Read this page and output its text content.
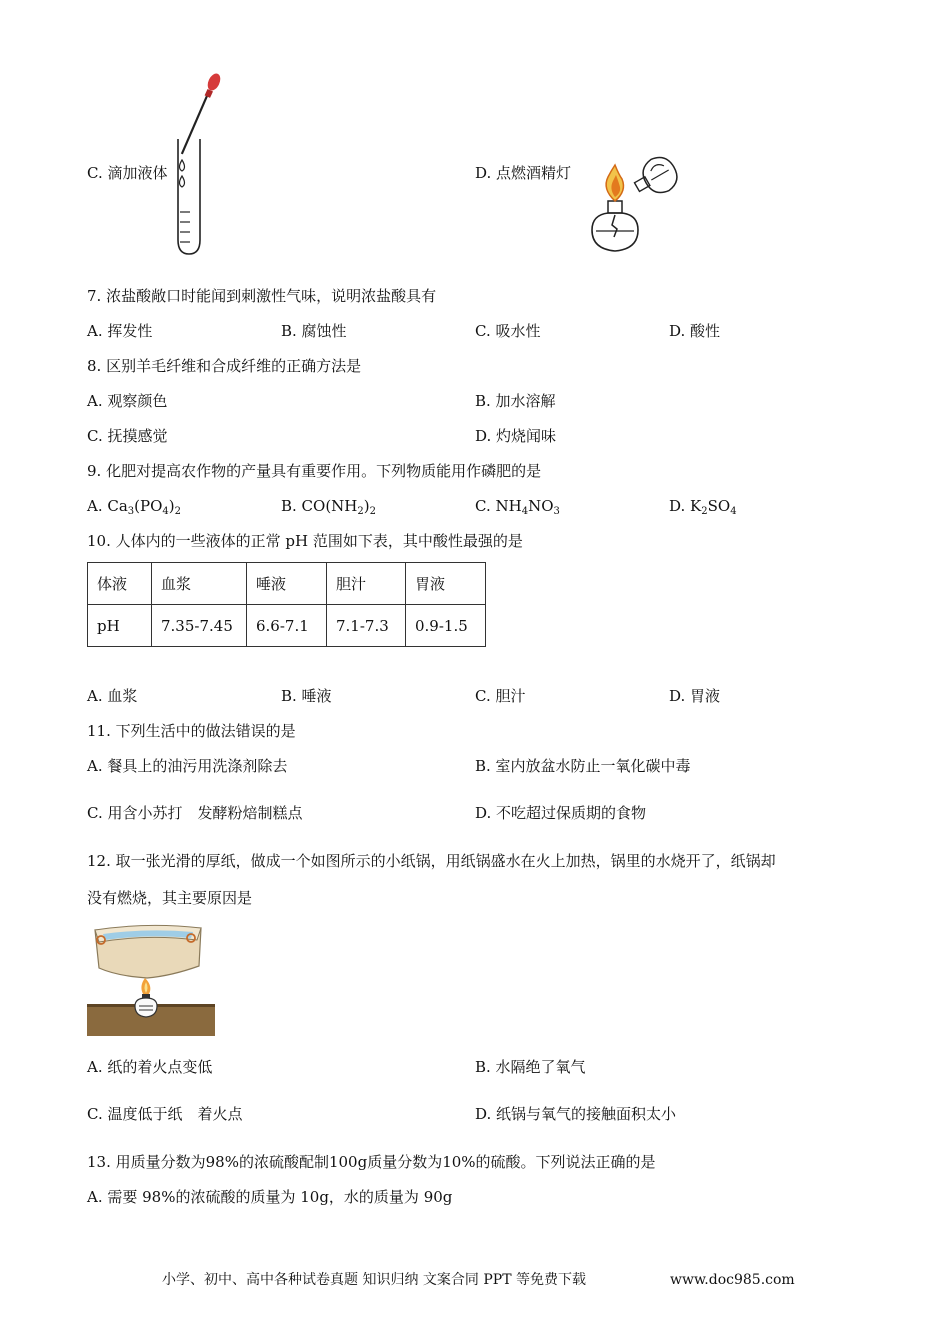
C. 滴加液体	D. 点燃酒精灯
7. 浓盐酸敞口时能闻到刺激性气味，说明浓盐酸具有
A. 挥发性	B. 腐蚀性	C. 吸水性	D. 酸性
8. 区别羊毛纤维和合成纤维的正确方法是
A. 观察颜色	B. 加水溶解
C. 抚摸感觉	D. 灼烧闻味
9. 化肥对提高农作物的产量具有重要作用。下列物质能用作磷肥的是
A. $Ca_3(PO_4)_2$	B. $CO(NH_2)_2$	C. $NH_4NO_3$	D. $K_2SO_4$
10. 人体内的一些液体的正常 pH 范围如下表，其中酸性最强的是
体液	血浆	唾液	胆汁	胃液
pH	7.35-7.45	6.6-7.1	7.1-7.3	0.9-1.5
A. 血浆	B. 唾液	C. 胆汁	D. 胃液
11. 下列生活中的做法错误的是
A. 餐具上的油污用洗涤剂除去	B. 室内放盆水防止一氧化碳中毒
C. 用含小苏打　发酵粉焙制糕点	D. 不吃超过保质期的食物
12. 取一张光滑的厚纸，做成一个如图所示的小纸锅，用纸锅盛水在火上加热，锅里的水烧开了，纸锅却
没有燃烧，其主要原因是
A. 纸的着火点变低	B. 水隔绝了氧气
C. 温度低于纸　着火点	D. 纸锅与氧气的接触面积太小
13. 用质量分数为98%的浓硫酸配制100g质量分数为10%的硫酸。下列说法正确的是
A. 需要 98%的浓硫酸的质量为 10g，水的质量为 90g
小学、初中、高中各种试卷真题 知识归纳 文案合同 PPT 等免费下载	www.doc985.com
